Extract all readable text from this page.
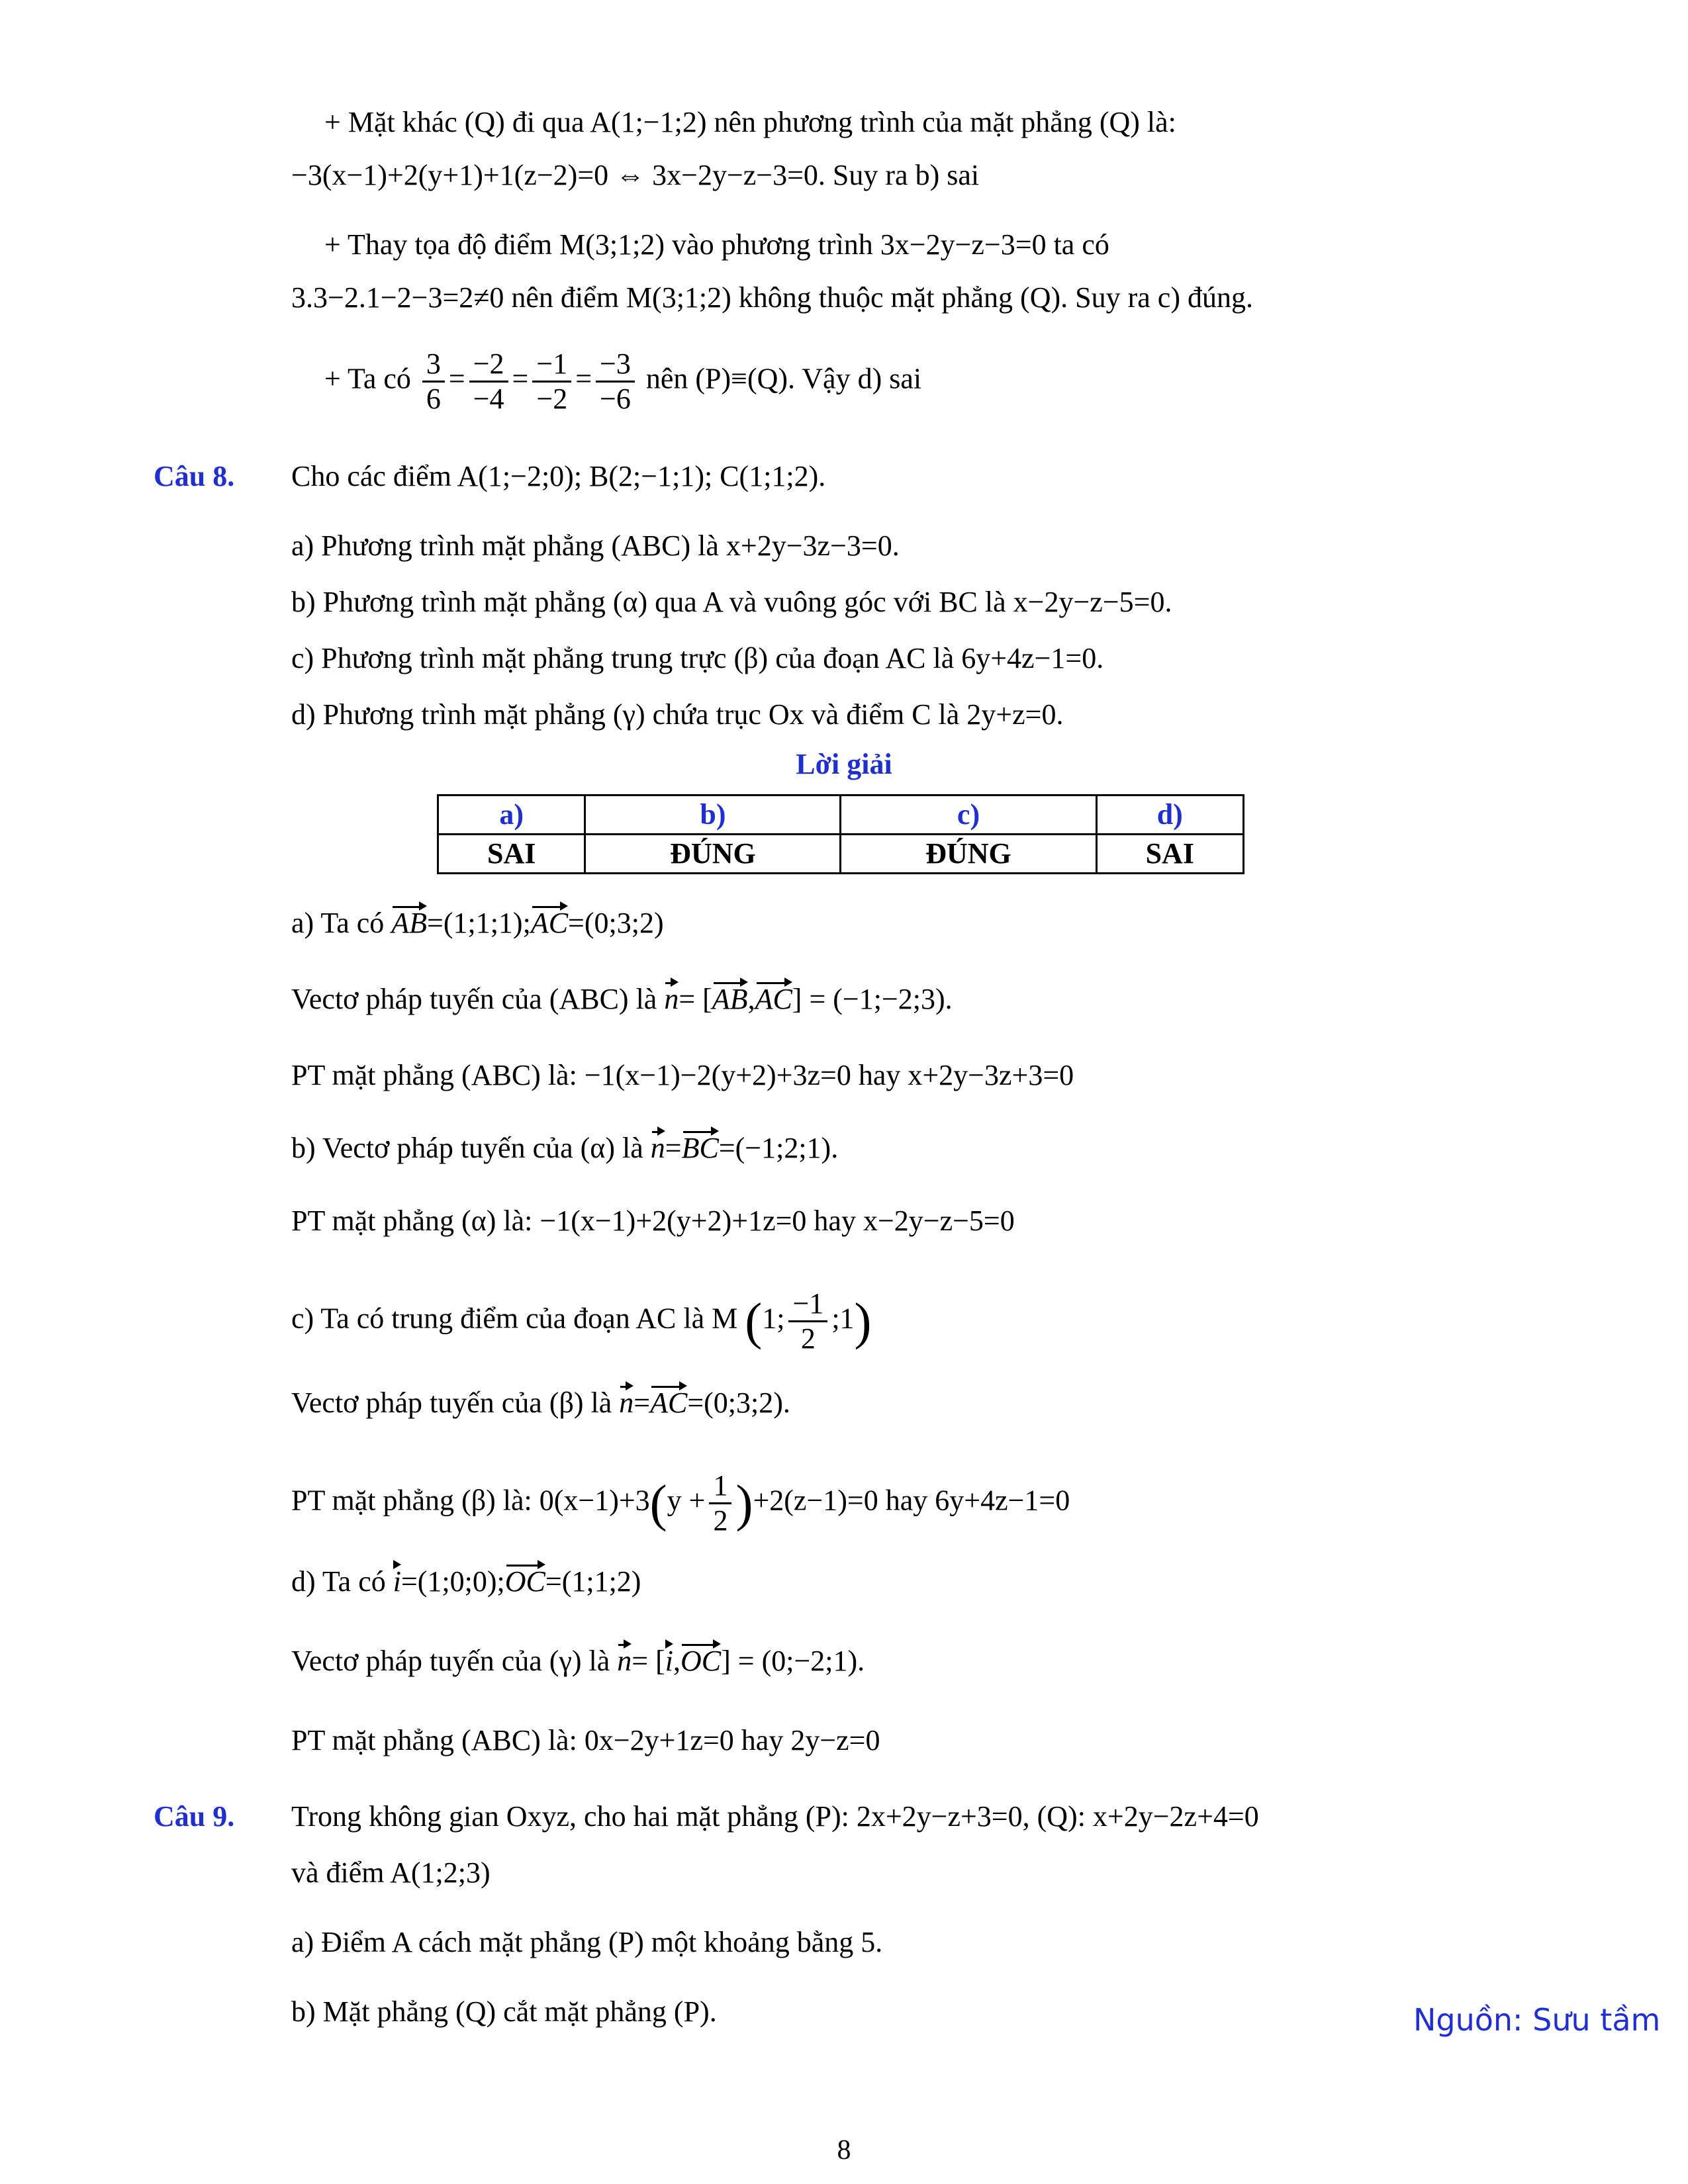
+ Mặt khác (Q) đi qua A(1;−1;2) nên phương trình của mặt phẳng (Q) là:
−3(x−1)+2(y+1)+1(z−2)=0 ⇔ 3x−2y−z−3=0. Suy ra b) sai
+ Thay tọa độ điểm M(3;1;2) vào phương trình 3x−2y−z−3=0 ta có
3.3−2.1−2−3=2≠0 nên điểm M(3;1;2) không thuộc mặt phẳng (Q). Suy ra c) đúng.
+ Ta có $\frac{3}{6} = \frac{-2}{-4} = \frac{-1}{-2} = \frac{-3}{-6}$ nên (P)≡(Q). Vậy d) sai
Câu 8. Cho các điểm A(1;−2;0); B(2;−1;1); C(1;1;2).
a) Phương trình mặt phẳng (ABC) là x+2y−3z−3=0.
b) Phương trình mặt phẳng (α) qua A và vuông góc với BC là x−2y−z−5=0.
c) Phương trình mặt phẳng trung trực (β) của đoạn AC là 6y+4z−1=0.
d) Phương trình mặt phẳng (γ) chứa trục Ox và điểm C là 2y+z=0.
Lời giải
a)	b)	c)	d)
SAI	ĐÚNG	ĐÚNG	SAI
a) Ta có AB=(1;1;1);AC=(0;3;2)
Vectơ pháp tuyến của (ABC) là n= [AB,AC] = (−1;−2;3).
PT mặt phẳng (ABC) là: −1(x−1)−2(y+2)+3z=0 hay x+2y−3z+3=0
b) Vectơ pháp tuyến của (α) là n=BC=(−1;2;1).
PT mặt phẳng (α) là: −1(x−1)+2(y+2)+1z=0 hay x−2y−z−5=0
c) Ta có trung điểm của đoạn AC là M (1; $\frac{-1}{2}$ ;1)
Vectơ pháp tuyến của (β) là n=AC=(0;3;2).
PT mặt phẳng (β) là: $0(x-1)+3(y + \frac{1}{2} )+2(z-1)=0$ hay 6y+4z−1=0
d) Ta có i=(1;0;0);OC=(1;1;2)
Vectơ pháp tuyến của (γ) là n= [i,OC] = (0;−2;1).
PT mặt phẳng (ABC) là: 0x−2y+1z=0 hay 2y−z=0
Câu 9. Trong không gian Oxyz, cho hai mặt phẳng (P): 2x+2y−z+3=0, (Q): x+2y−2z+4=0
và điểm A(1;2;3)
a) Điểm A cách mặt phẳng (P) một khoảng bằng 5.
b) Mặt phẳng (Q) cắt mặt phẳng (P).	Nguồn: Sưu tầm
8
